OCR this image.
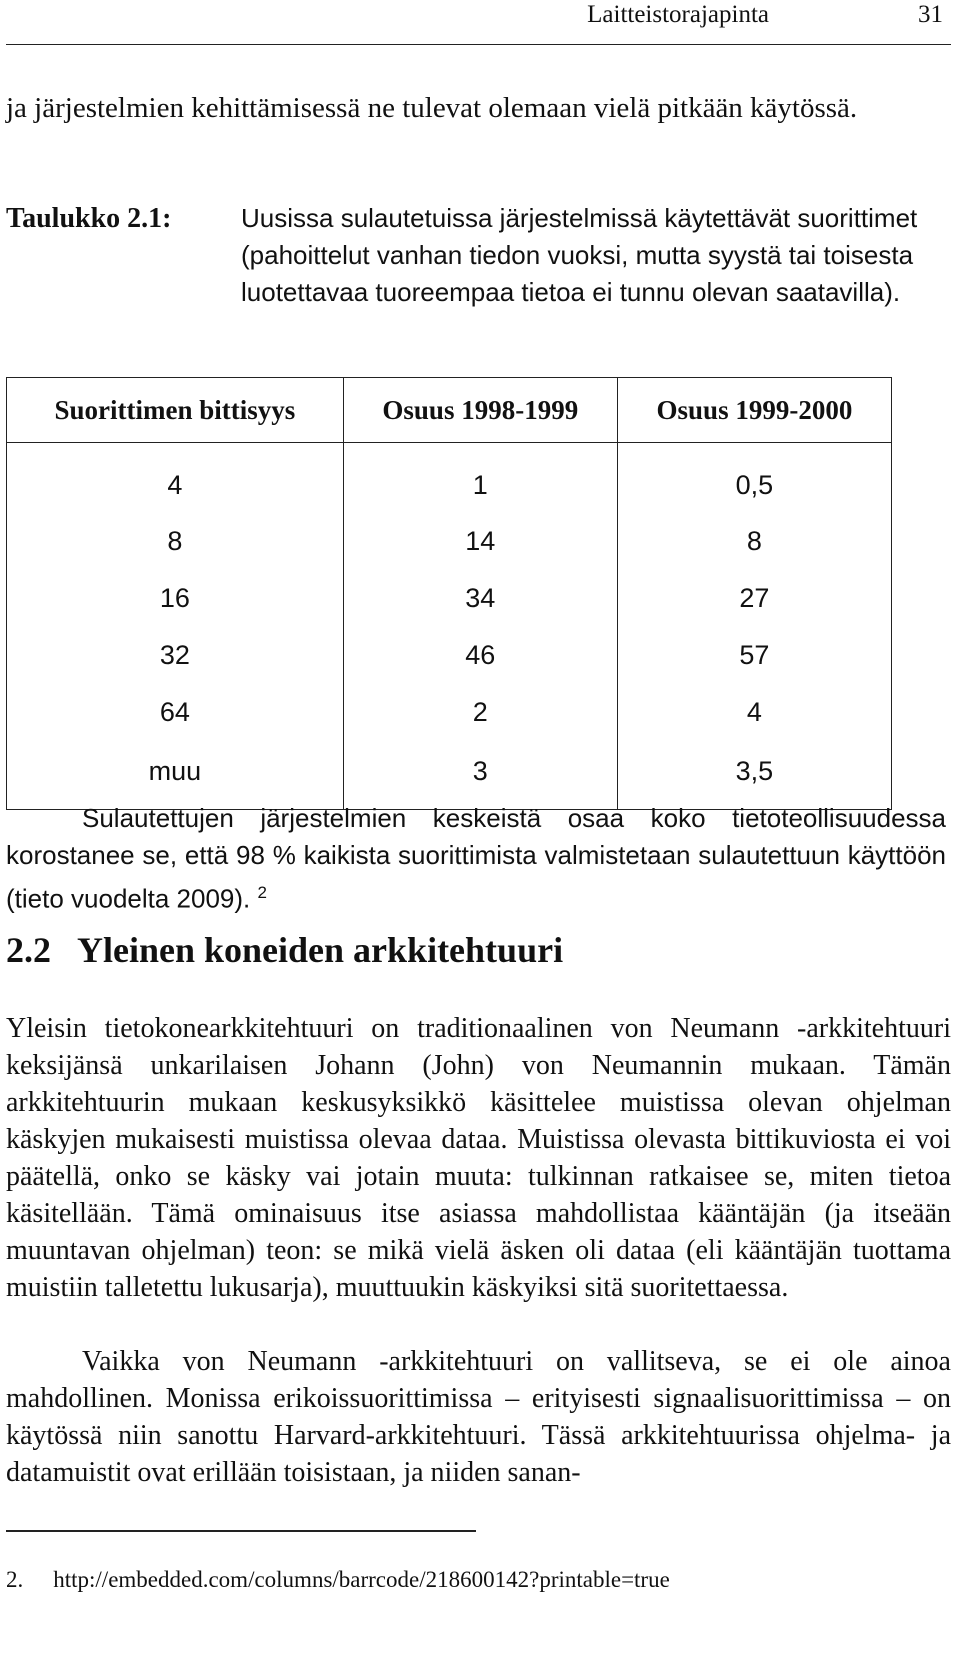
Laitteistorajapinta	31

ja järjestelmien kehittämisessä ne tulevat olemaan vielä pitkään käytössä.

Taulukko 2.1:	Uusissa sulautetuissa järjestelmissä käytettävät suorittimet (pahoittelut vanhan tiedon vuoksi, mutta syystä tai toisesta luotettavaa tuoreempaa tietoa ei tunnu olevan saatavilla).
Suorittimen bittisyys	Osuus 1998-1999	Osuus 1999-2000
4	1	0,5
8	14	8
16	34	27
32	46	57
64	2	4
muu	3	3,5

Sulautettujen järjestelmien keskeistä osaa koko tietoteollisuudessa korostanee se, että 98 % kaikista suorittimista valmistetaan sulautettuun käyttöön (tieto vuodelta 2009). $^2$

2.2 Yleinen koneiden arkkitehtuuri

Yleisin tietokonearkkitehtuuri on traditionaalinen von Neumann -arkkitehtuuri keksijänsä unkarilaisen Johann (John) von Neumannin mukaan. Tämän arkkitehtuurin mukaan keskusyksikkö käsittelee muistissa olevan ohjelman käskyjen mukaisesti muistissa olevaa dataa. Muistissa olevasta bittikuviosta ei voi päätellä, onko se käsky vai jotain muuta: tulkinnan ratkaisee se, miten tietoa käsitellään. Tämä ominaisuus itse asiassa mahdollistaa kääntäjän (ja itseään muuntavan ohjelman) teon: se mikä vielä äsken oli dataa (eli kääntäjän tuottama muistiin talletettu lukusarja), muuttuukin käskyiksi sitä suoritettaessa.

Vaikka von Neumann -arkkitehtuuri on vallitseva, se ei ole ainoa mahdollinen. Monissa erikoissuorittimissa – erityisesti signaalisuorittimissa – on käytössä niin sanottu Harvard-arkkitehtuuri. Tässä arkkitehtuurissa ohjelma- ja datamuistit ovat erillään toisistaan, ja niiden sanan-

2. http://embedded.com/columns/barrcode/218600142?printable=true
